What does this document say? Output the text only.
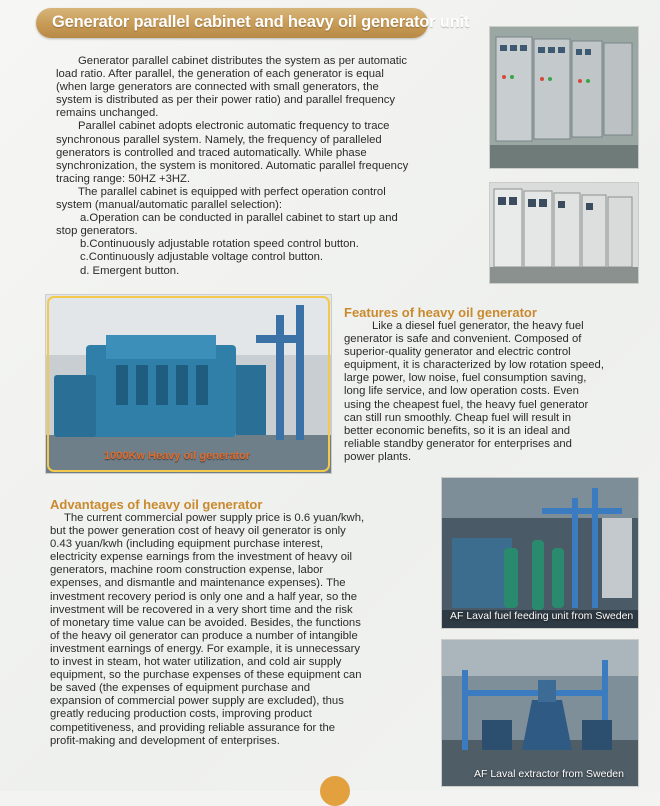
Generator parallel cabinet and heavy oil generator unit
Generator parallel cabinet distributes the system as per automatic
load ratio. After parallel, the generation of each generator is equal
(when large generators are connected with small generators, the
system is distributed as per their power ratio) and parallel frequency
remains unchanged.
Parallel cabinet adopts electronic automatic frequency to trace
synchronous parallel system. Namely, the frequency of paralleled
generators is controlled and traced automatically. While phase
synchronization, the system is monitored. Automatic parallel frequency
tracing range: 50HZ +3HZ.
The parallel cabinet is equipped with perfect operation control
system (manual/automatic parallel selection):
a.Operation can be conducted in parallel cabinet to start up and
stop generators.
b.Continuously adjustable rotation speed control button.
c.Continuously adjustable voltage control button.
d. Emergent button.
1000Kw Heavy oil generator
Features of heavy oil generator
Like a diesel fuel generator, the heavy fuel
generator is safe and convenient. Composed of
superior-quality generator and electric control
equipment, it is characterized by low rotation speed,
large power, low noise, fuel consumption saving,
long life service, and low operation costs. Even
using the cheapest fuel, the heavy fuel generator
can still run smoothly. Cheap fuel will result in
better economic benefits, so it is an ideal and
reliable standby generator for enterprises and
power plants.
Advantages of heavy oil generator
The current commercial power supply price is 0.6 yuan/kwh,
but the power generation cost of heavy oil generator is only
0.43 yuan/kwh (including equipment purchase interest,
electricity expense earnings from the investment of heavy oil
generators, machine room construction expense, labor
expenses, and dismantle and maintenance expenses). The
investment recovery period is only one and a half year, so the
investment will be recovered in a very short time and the risk
of monetary time value can be avoided. Besides, the functions
of the heavy oil generator can produce a number of intangible
investment earnings of energy. For example, it is unnecessary
to invest in steam, hot water utilization, and cold air supply
equipment, so the purchase expenses of these equipment can
be saved (the expenses of equipment purchase and
expansion of commercial power supply are excluded), thus
greatly reducing production costs, improving product
competitiveness, and providing reliable assurance for the
profit-making and development of enterprises.
AF Laval fuel feeding unit from Sweden
AF Laval extractor from Sweden
